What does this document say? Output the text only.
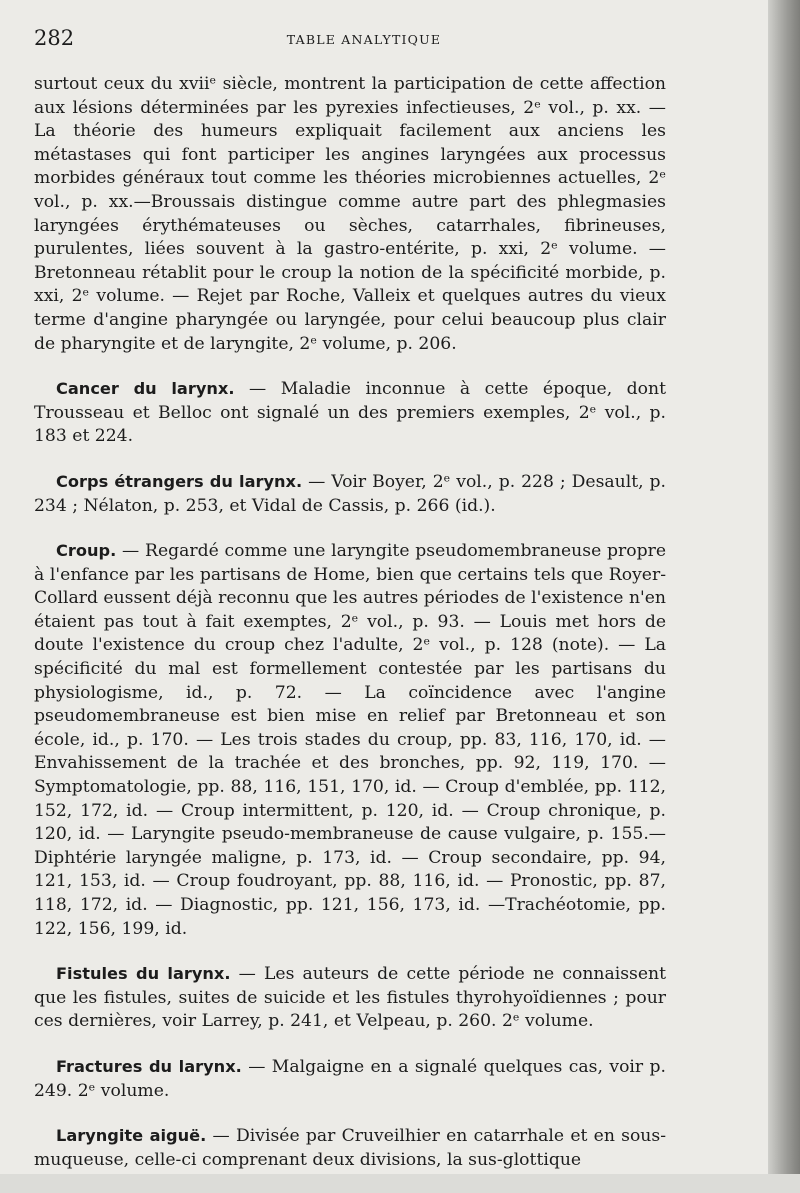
282	TABLE ANALYTIQUE

surtout ceux du xviiᵉ siècle, montrent la participation de cette affection aux lésions déterminées par les pyrexies infectieuses, 2ᵉ vol., p. xx. — La théorie des humeurs expliquait facilement aux anciens les métastases qui font participer les angines laryngées aux processus morbides généraux tout comme les théories microbiennes actuelles, 2ᵉ vol., p. xx.—Broussais distingue comme autre part des phlegmasies laryngées érythémateuses ou sèches, catarrhales, fibrineuses, purulentes, liées souvent à la gastro-entérite, p. xxi, 2ᵉ volume. — Bretonneau rétablit pour le croup la notion de la spécificité morbide, p. xxi, 2ᵉ volume. — Rejet par Roche, Valleix et quelques autres du vieux terme d'angine pharyngée ou laryngée, pour celui beaucoup plus clair de pharyngite et de laryngite, 2ᵉ volume, p. 206.

Cancer du larynx. — Maladie inconnue à cette époque, dont Trousseau et Belloc ont signalé un des premiers exemples, 2ᵉ vol., p. 183 et 224.

Corps étrangers du larynx. — Voir Boyer, 2ᵉ vol., p. 228 ; Desault, p. 234 ; Nélaton, p. 253, et Vidal de Cassis, p. 266 (id.).

Croup. — Regardé comme une laryngite pseudomembraneuse propre à l'enfance par les partisans de Home, bien que certains tels que Royer-Collard eussent déjà reconnu que les autres périodes de l'existence n'en étaient pas tout à fait exemptes, 2ᵉ vol., p. 93. — Louis met hors de doute l'existence du croup chez l'adulte, 2ᵉ vol., p. 128 (note). — La spécificité du mal est formellement contestée par les partisans du physiologisme, id., p. 72. — La coïncidence avec l'angine pseudomembraneuse est bien mise en relief par Bretonneau et son école, id., p. 170. — Les trois stades du croup, pp. 83, 116, 170, id. — Envahissement de la trachée et des bronches, pp. 92, 119, 170. — Symptomatologie, pp. 88, 116, 151, 170, id. — Croup d'emblée, pp. 112, 152, 172, id. — Croup intermittent, p. 120, id. — Croup chronique, p. 120, id. — Laryngite pseudo-membraneuse de cause vulgaire, p. 155.— Diphtérie laryngée maligne, p. 173, id. — Croup secondaire, pp. 94, 121, 153, id. — Croup foudroyant, pp. 88, 116, id. — Pronostic, pp. 87, 118, 172, id. — Diagnostic, pp. 121, 156, 173, id. —Trachéotomie, pp. 122, 156, 199, id.

Fistules du larynx. — Les auteurs de cette période ne connaissent que les fistules, suites de suicide et les fistules thyrohyoïdiennes ; pour ces dernières, voir Larrey, p. 241, et Velpeau, p. 260. 2ᵉ volume.

Fractures du larynx. — Malgaigne en a signalé quelques cas, voir p. 249. 2ᵉ volume.

Laryngite aiguë. — Divisée par Cruveilhier en catarrhale et en sous-muqueuse, celle-ci comprenant deux divisions, la sus-glottique
